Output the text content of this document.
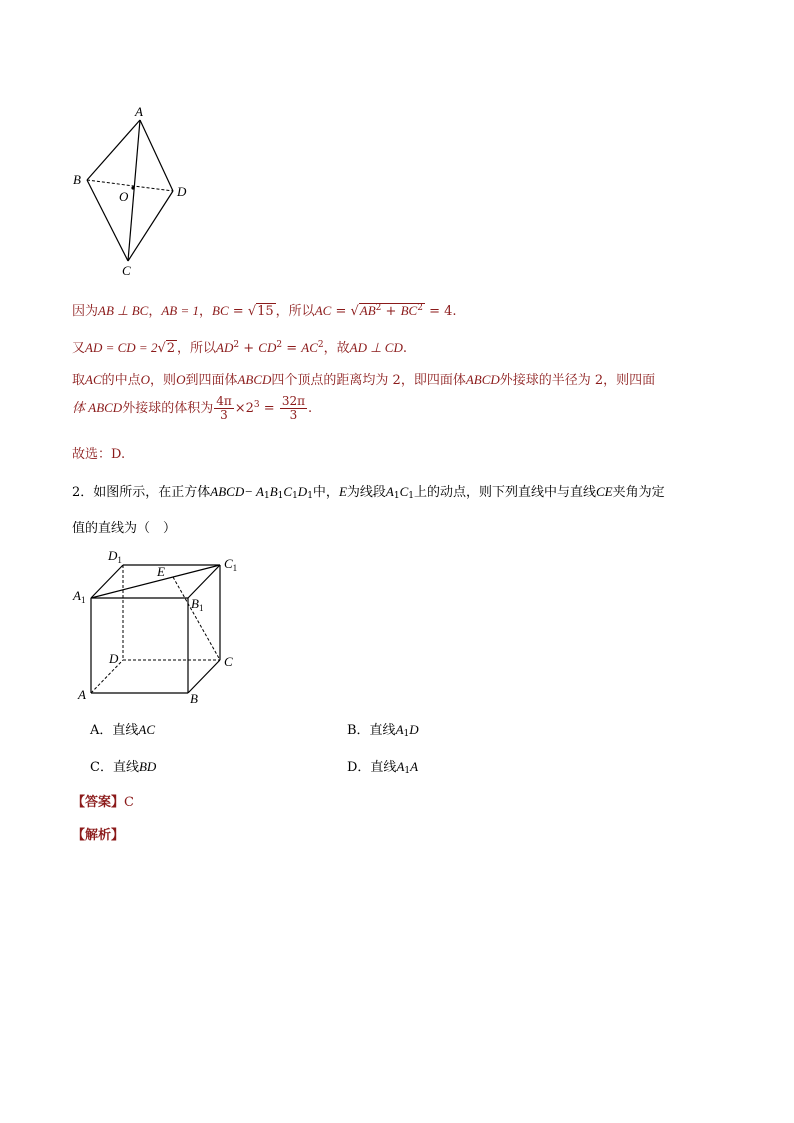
A
B
D
O
C
因为AB ⊥ BC，AB = 1，BC = √15 ，所以AC = $√AB^2 + BC^2 = 4$.
又AD = CD = 2√2 ，所以$AD^2 + CD^2 = AC^2$，故AD ⊥ CD.
取AC的中点O，则O到四面体ABCD四个顶点的距离均为 2，即四面体ABCD外接球的半径为 2，则四面
体 ABCD外接球的体积为 $\frac{4\pi}{3} \times 2^3 = \frac{32\pi}{3}$ .
故选：D.
2．如图所示，在正方体ABCD− $A_1B_1C_1D_1$中，E为线段$A_1C_1$上的动点，则下列直线中与直线CE夹角为定
值的直线为（　）
$D_1$
E
$C_1$
$A_1$	$B_1$
D	C
A	B
A．直线AC	B．直线$A_1D$
C．直线BD	D．直线$A_1A$
【答案】C
【解析】
